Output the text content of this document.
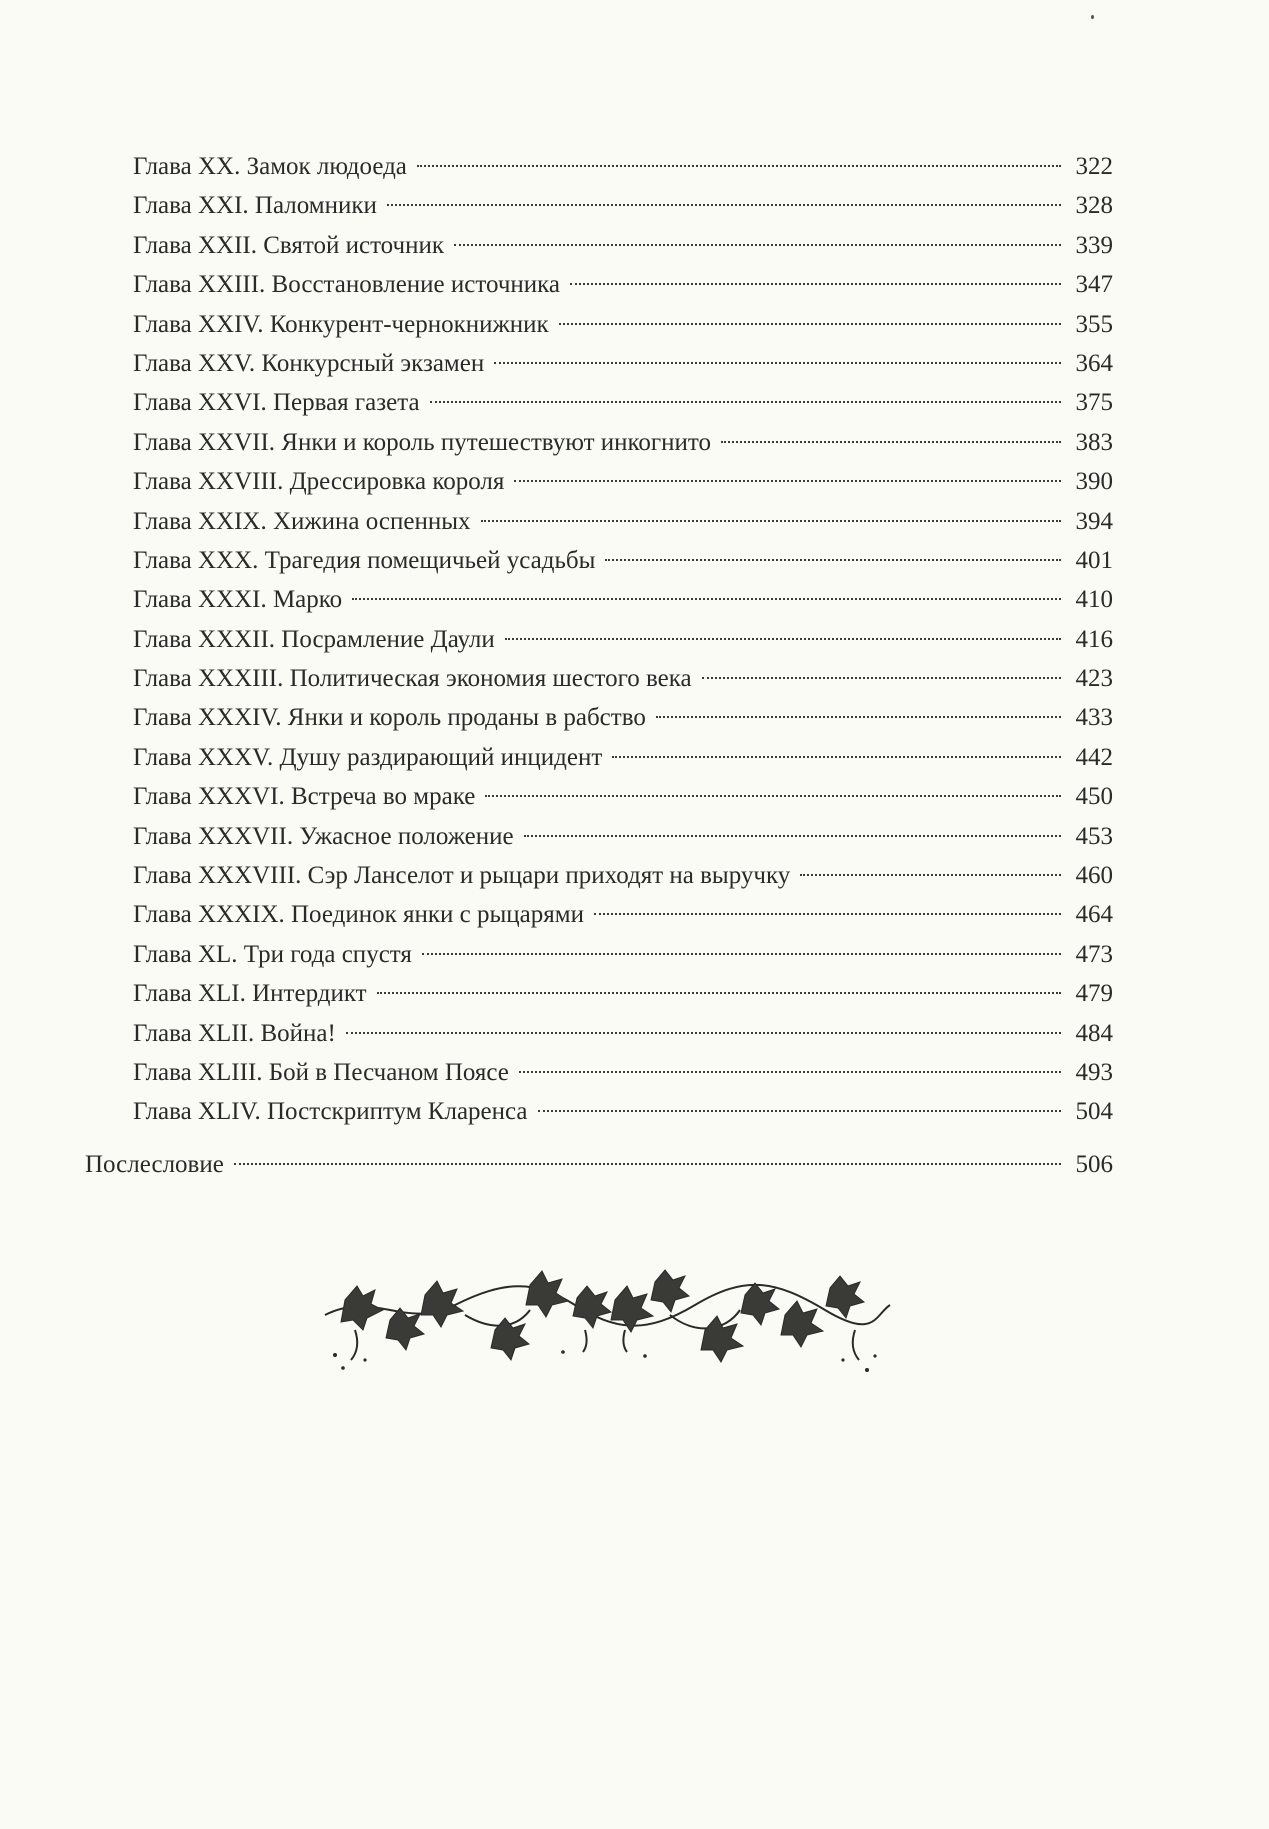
Глава XX. Замок людоеда	322
Глава XXI. Паломники	328
Глава XXII. Святой источник	339
Глава XXIII. Восстановление источника	347
Глава XXIV. Конкурент-чернокнижник	355
Глава XXV. Конкурсный экзамен	364
Глава XXVI. Первая газета	375
Глава XXVII. Янки и король путешествуют инкогнито	383
Глава XXVIII. Дрессировка короля	390
Глава XXIX. Хижина оспенных	394
Глава XXX. Трагедия помещичьей усадьбы	401
Глава XXXI. Марко	410
Глава XXXII. Посрамление Даули	416
Глава XXXIII. Политическая экономия шестого века	423
Глава XXXIV. Янки и король проданы в рабство	433
Глава XXXV. Душу раздирающий инцидент	442
Глава XXXVI. Встреча во мраке	450
Глава XXXVII. Ужасное положение	453
Глава XXXVIII. Сэр Ланселот и рыцари приходят на выручку	460
Глава XXXIX. Поединок янки с рыцарями	464
Глава XL. Три года спустя	473
Глава XLI. Интердикт	479
Глава XLII. Война!	484
Глава XLIII. Бой в Песчаном Поясе	493
Глава XLIV. Постскриптум Кларенса	504
Послесловие	506
